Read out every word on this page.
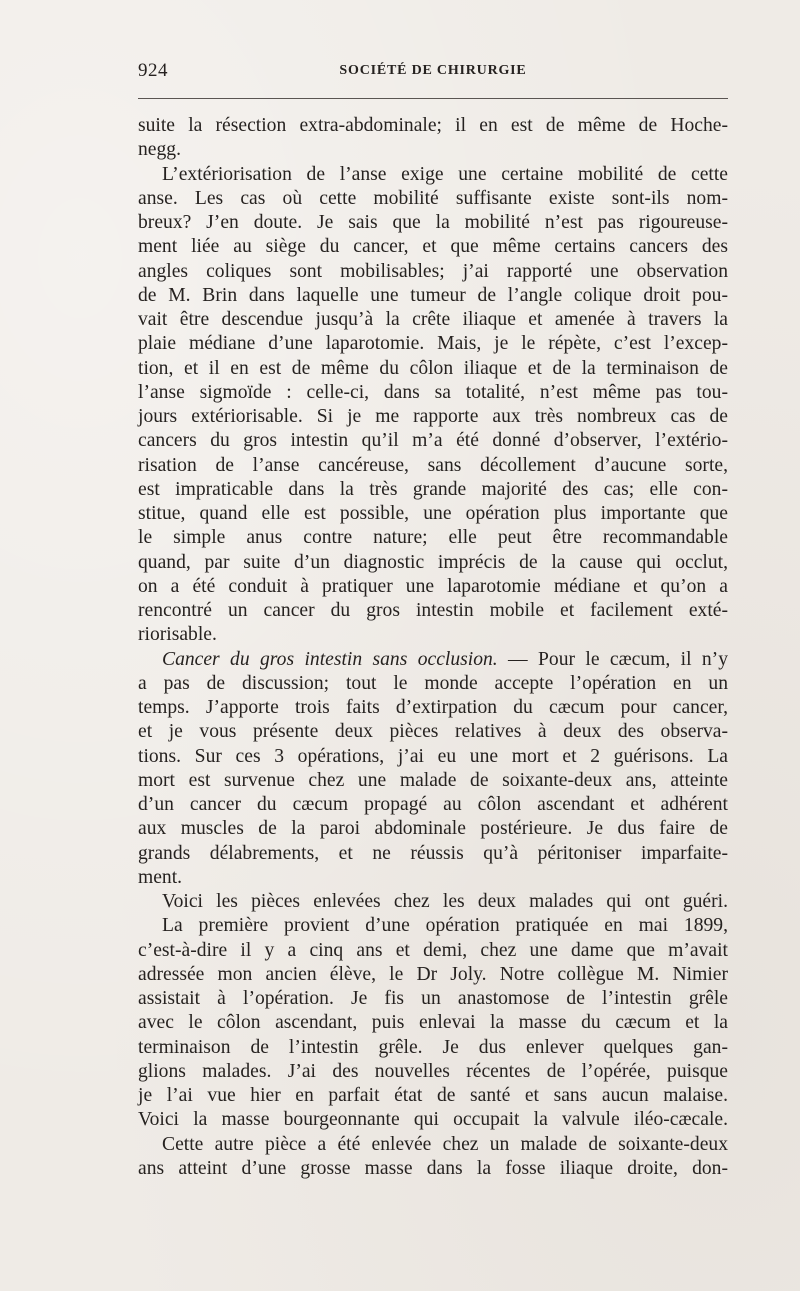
924	SOCIÉTÉ DE CHIRURGIE
suite la résection extra-abdominale; il en est de même de Hoche-
negg.
L’extériorisation de l’anse exige une certaine mobilité de cette
anse. Les cas où cette mobilité suffisante existe sont-ils nom-
breux? J’en doute. Je sais que la mobilité n’est pas rigoureuse-
ment liée au siège du cancer, et que même certains cancers des
angles coliques sont mobilisables; j’ai rapporté une observation
de M. Brin dans laquelle une tumeur de l’angle colique droit pou-
vait être descendue jusqu’à la crête iliaque et amenée à travers la
plaie médiane d’une laparotomie. Mais, je le répète, c’est l’excep-
tion, et il en est de même du côlon iliaque et de la terminaison de
l’anse sigmoïde : celle-ci, dans sa totalité, n’est même pas tou-
jours extériorisable. Si je me rapporte aux très nombreux cas de
cancers du gros intestin qu’il m’a été donné d’observer, l’extério-
risation de l’anse cancéreuse, sans décollement d’aucune sorte,
est impraticable dans la très grande majorité des cas; elle con-
stitue, quand elle est possible, une opération plus importante que
le simple anus contre nature; elle peut être recommandable
quand, par suite d’un diagnostic imprécis de la cause qui occlut,
on a été conduit à pratiquer une laparotomie médiane et qu’on a
rencontré un cancer du gros intestin mobile et facilement exté-
riorisable.
Cancer du gros intestin sans occlusion. — Pour le cæcum, il n’y
a pas de discussion; tout le monde accepte l’opération en un
temps. J’apporte trois faits d’extirpation du cæcum pour cancer,
et je vous présente deux pièces relatives à deux des observa-
tions. Sur ces 3 opérations, j’ai eu une mort et 2 guérisons. La
mort est survenue chez une malade de soixante-deux ans, atteinte
d’un cancer du cæcum propagé au côlon ascendant et adhérent
aux muscles de la paroi abdominale postérieure. Je dus faire de
grands délabrements, et ne réussis qu’à péritoniser imparfaite-
ment.
Voici les pièces enlevées chez les deux malades qui ont guéri.
La première provient d’une opération pratiquée en mai 1899,
c’est-à-dire il y a cinq ans et demi, chez une dame que m’avait
adressée mon ancien élève, le Dr Joly. Notre collègue M. Nimier
assistait à l’opération. Je fis un anastomose de l’intestin grêle
avec le côlon ascendant, puis enlevai la masse du cæcum et la
terminaison de l’intestin grêle. Je dus enlever quelques gan-
glions malades. J’ai des nouvelles récentes de l’opérée, puisque
je l’ai vue hier en parfait état de santé et sans aucun malaise.
Voici la masse bourgeonnante qui occupait la valvule iléo-cæcale.
Cette autre pièce a été enlevée chez un malade de soixante-deux
ans atteint d’une grosse masse dans la fosse iliaque droite, don-
